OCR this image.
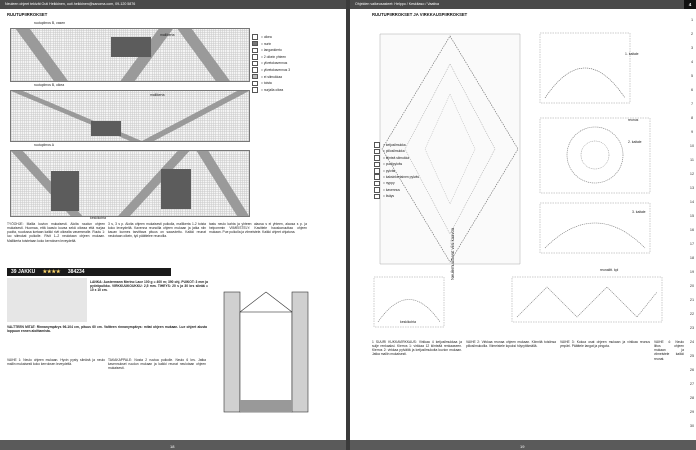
Neuleen ohjeet tekivät Outi Heikkinen, outi.heikkinen@sanoma.com, 09-120 5876
RUUTUPIIRROKSET
ruutupiirros B, vasen
mallikerta
ruutupiirros B, oikea
mallikerta
ruutupiirros A
keskikohta
= oikea
= nurin
= langankierto
= 2 oikein yhteen
= ylivetokavennus
= ylivetokavennus 3
= ei silmukkaa
= toista
= nurjalla oikea
TYÖOHJE: Mallia kuvion mukaisesti. Aloita ruudun ohjeen mukaisesti. Huomaa, että kaavio kuvaa sekä oikeaa että nurjaa puolta, ruudussa luetaan kaikki rivit oikealta vasemmalle. Ruutu 1: luo silmukat puikolle. Rivit 1–2 neulotaan ohjeen mukaan. Mallikerta toistetaan koko kerroksen leveydeltä.
3 s, 3 s p. Aloita ohjeen mukaisesti puikolla, mallikerta 1-2 toista koko leveydeltä. Kavenna reunoilla ohjeen mukaan ja jatka niin kauan kunnes tarvittava pituus on saavutettu. Kaikki reunat neulotaan oikein, työ päättelee reunoilla.
tastu neulo kahta ja yhteen: alaosa s ei yhteen, alaosa s p. ja helpommin VIIMEISTELY: Kasittele hauskanuuttaa ohjeen mukaan. Pue puikolla ja viimeistele. Kaikki ohjeet ohjatuna.
39 JAKKU ★★★★ 384234
LANKA: Austermann Merino Lace 100 g = 400 m; 390 ohj. PUIKOT: 3 mm ja pyöröpuikko. VIRKKUUKOUKKU: 2,5 mm. TIHEYS: 20 s ja 30 krs sileää = 10 x 10 cm.
VALTTEEN MITAT: Rinnanympärys 96-104 cm, pituus 60 cm. Valtteen rinnanympärys: mitat ohjeen mukaan. Lue ohjeet alusta loppuun ennen aloittamista.
VAIHE 1: Neulo ohjeen mukaan. Hyvin pysty sileänä ja neulo mallin mukaisesti koko kerroksen leveydeltä.
TAKAKAPPALE: Nosta 2 ruutua puikolle. Neulo 6 krs. Jatka kavennukset ruudun mukaan ja kaikki reunat neulotaan ohjeen mukaisesti.
18
Ohjeiden vaikeusasteet: Helppo / Keskitaso / Vaativa	4
RUUTUPIIRROKSET JA VIRKKAUSPIIRROKSET
Neulemuuttuvat viisi kaavoa
= ketjusilmukka
= piilosilmukka
= kiinteä silmukka
= puolipylväs
= pylväs
= kaksinkertainen pylväs
= nyppy
= kavennus
= lisäys
1. kaitale
2. kaitale
3. kaitale
reunus
keskikohta
reunalitt. kpl
1 SUURI KUKKAVIRKKAUS: Virkkaa 4 ketjusilmukkaa ja sulje renkaaksi. Kierros 1: virkkaa 12 kiinteää renkaaseen. Kierros 2: virkkaa pylväitä ja ketjusilmukoita kuvion mukaan. Jatka mallin mukaisesti.
VAIHE 2: Virkkaa reunaa ohjeen mukaan. Kiinnitä toisiinsa piilosilmukoilla. Viimeistele lopuksi höyryttämällä.
VAIHE 3: Kokoa osat ohjeen mukaan ja virkkaa reunus ympäri. Päättele langat ja pingota.
VAIHE 4: Neulo liitos ohjeen mukaan ja viimeistele kaikki reunat.
1
2
3
4
5
6
7
8
9
10
11
12
13
14
15
16
17
18
19
20
21
22
23
24
25
26
27
28
29
30
19
